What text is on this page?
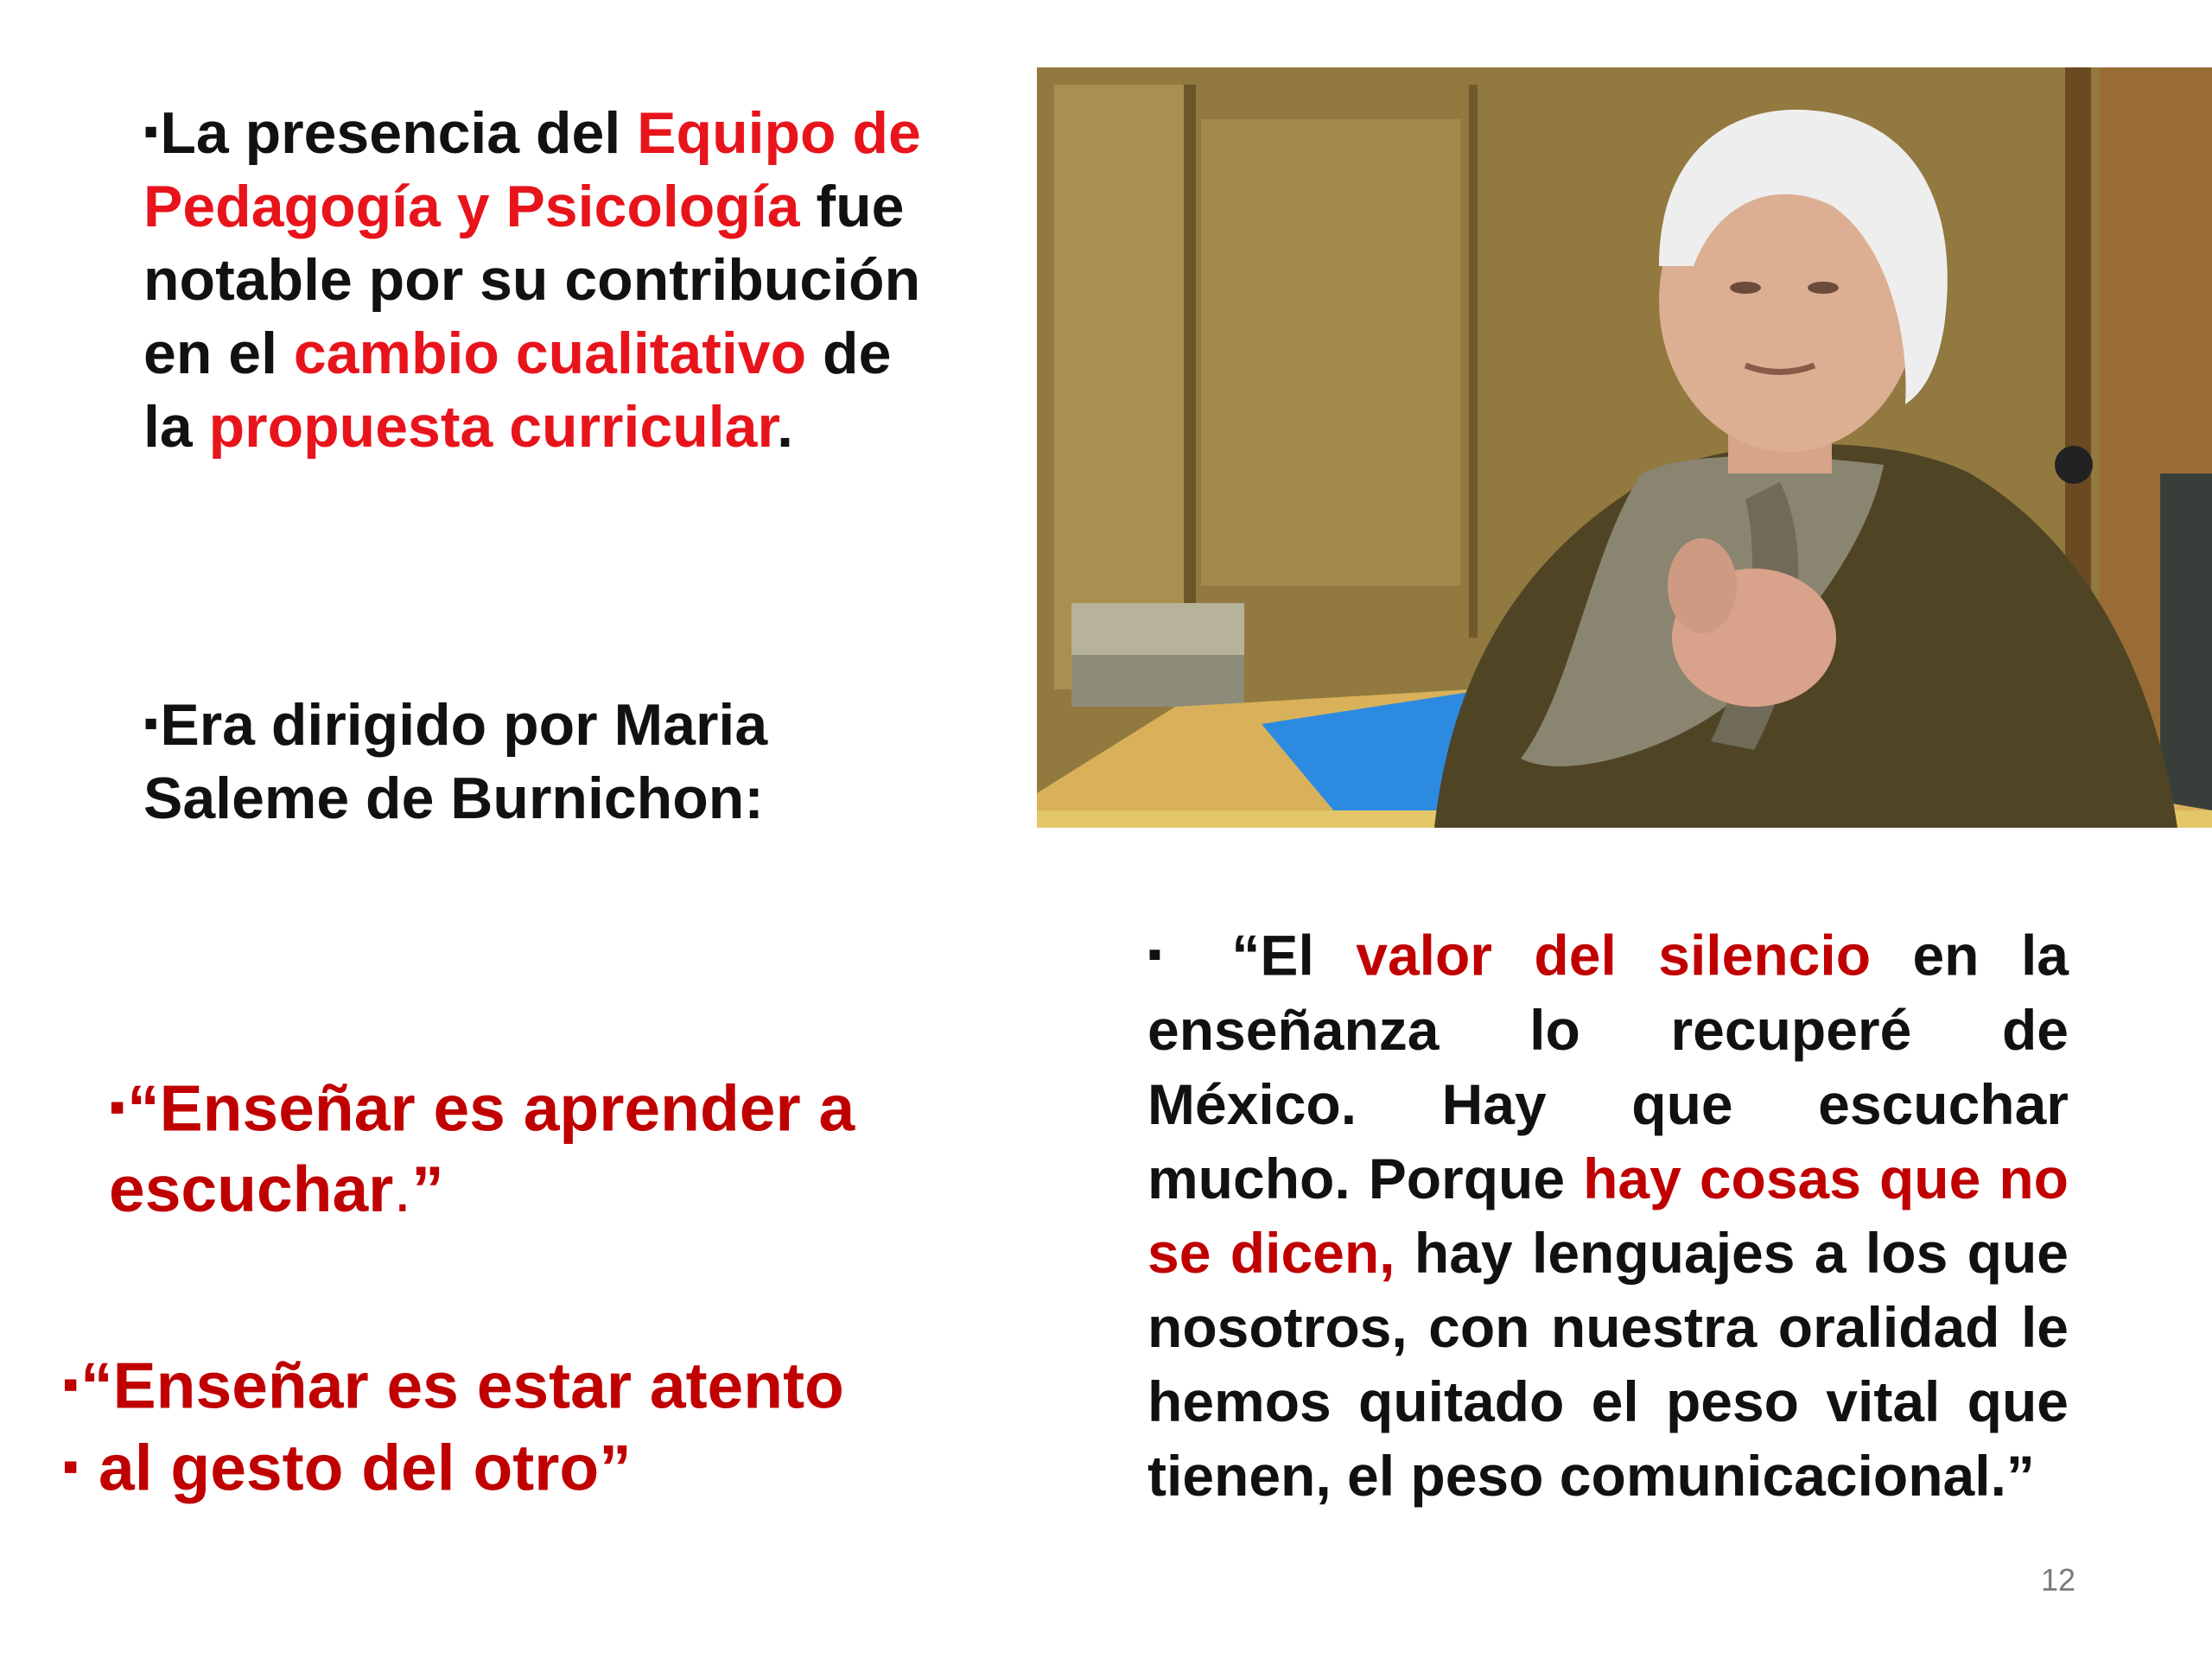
▪La presencia del Equipo de Pedagogía y Psicología fue notable por su contribución en el cambio cualitativo de la propuesta curricular.
▪Era dirigido por Maria Saleme de Burnichon:
▪“Enseñar es aprender a escuchar.”
▪“Enseñar es estar atento
▪ al gesto del otro”
▪ “El valor del silencio en la enseñanza lo recuperé de México. Hay que escuchar mucho. Porque hay cosas que no se dicen, hay lenguajes a los que nosotros, con nuestra oralidad le hemos quitado el peso vital que tienen, el peso comunicacional.”
12
